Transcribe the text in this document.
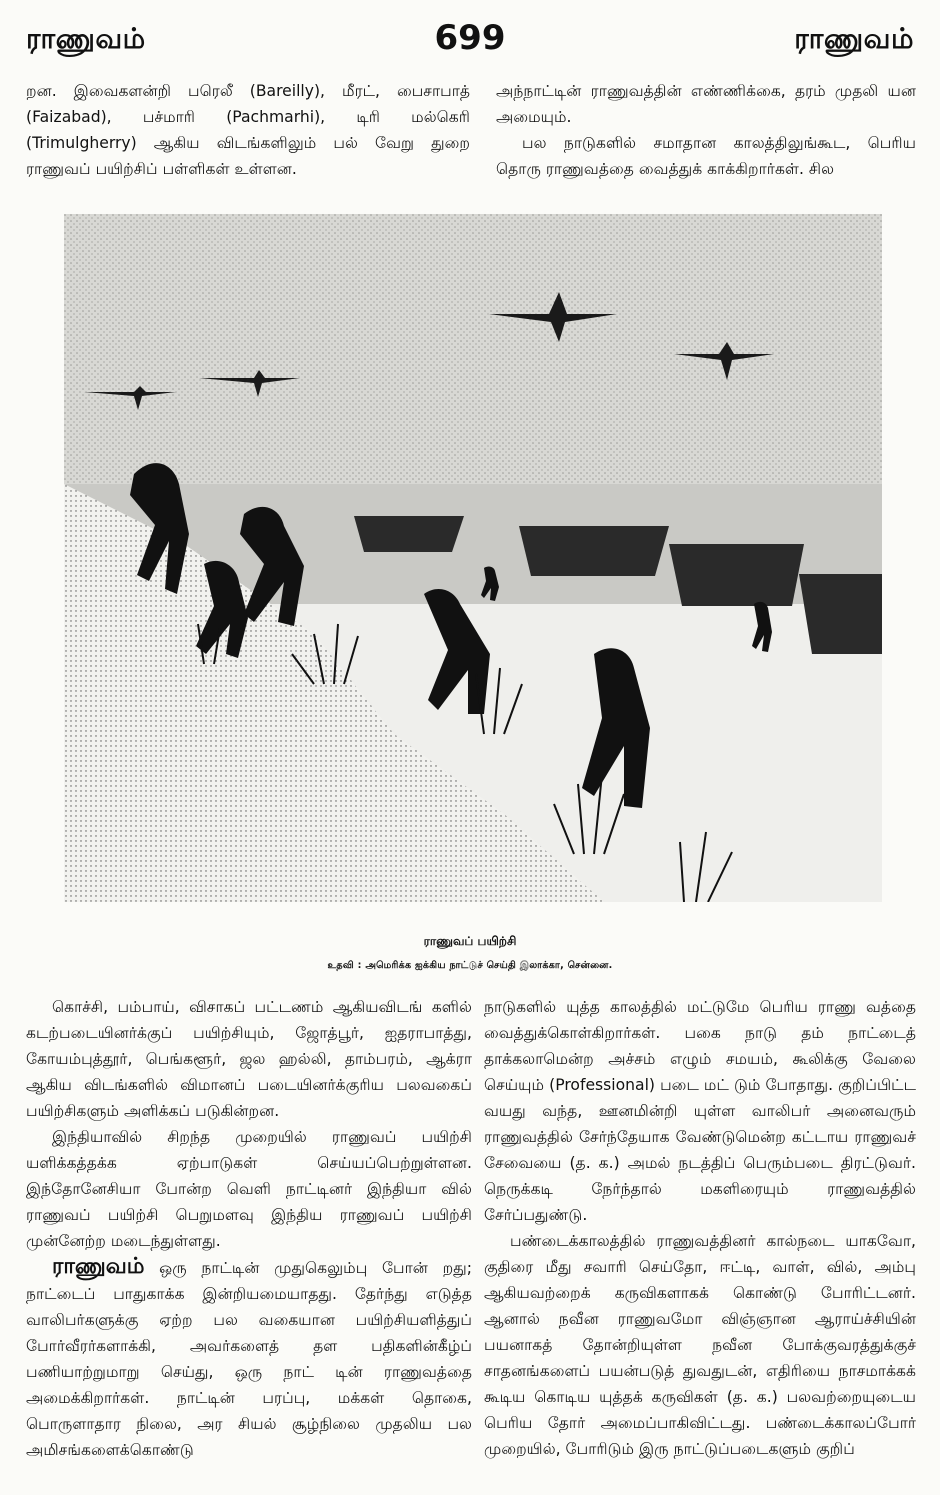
ராணுவம்	699	ராணுவம்

றன. இவைகளன்றி பரெலீ (Bareilly), மீரட், பைசாபாத் (Faizabad), பச்மாரி (Pachmarhi), டிரி மல்கெரி (Trimulgherry) ஆகிய விடங்களிலும் பல் வேறு துறை ராணுவப் பயிற்சிப் பள்ளிகள் உள்ளன.

அந்நாட்டின் ராணுவத்தின் எண்ணிக்கை, தரம் முதலி யன அமையும்.

பல நாடுகளில் சமாதான காலத்திலுங்கூட, பெரிய தொரு ராணுவத்தை வைத்துக் காக்கிறார்கள். சில

ராணுவப் பயிற்சி
உதவி : அமெரிக்க ஐக்கிய நாட்டுச் செய்தி இலாக்கா, சென்னை.

கொச்சி, பம்பாய், விசாகப் பட்டணம் ஆகியவிடங் களில் கடற்படையினர்க்குப் பயிற்சியும், ஜோத்பூர், ஐதராபாத்து, கோயம்புத்தூர், பெங்களூர், ஜல ஹல்லி, தாம்பரம், ஆக்ரா ஆகிய விடங்களில் விமானப் படையினர்க்குரிய பலவகைப் பயிற்சிகளும் அளிக்கப் படுகின்றன.

இந்தியாவில் சிறந்த முறையில் ராணுவப் பயிற்சி யளிக்கத்தக்க ஏற்பாடுகள் செய்யப்பெற்றுள்ளன. இந்தோனேசியா போன்ற வெளி நாட்டினர் இந்தியா வில் ராணுவப் பயிற்சி பெறுமளவு இந்திய ராணுவப் பயிற்சி முன்னேற்ற மடைந்துள்ளது.

ராணுவம் ஒரு நாட்டின் முதுகெலும்பு போன் றது; நாட்டைப் பாதுகாக்க இன்றியமையாதது. தேர்ந்து எடுத்த வாலிபர்களுக்கு ஏற்ற பல வகையான பயிற்சியளித்துப் போர்வீரர்களாக்கி, அவர்களைத் தள பதிகளின்கீழ்ப் பணியாற்றுமாறு செய்து, ஒரு நாட் டின் ராணுவத்தை அமைக்கிறார்கள். நாட்டின் பரப்பு, மக்கள் தொகை, பொருளாதார நிலை, அர சியல் சூழ்நிலை முதலிய பல அமிசங்களைக்கொண்டு

நாடுகளில் யுத்த காலத்தில் மட்டுமே பெரிய ராணு வத்தை வைத்துக்கொள்கிறார்கள். பகை நாடு தம் நாட்டைத் தாக்கலாமென்ற அச்சம் எழும் சமயம், கூலிக்கு வேலை செய்யும் (Professional) படை மட் டும் போதாது. குறிப்பிட்ட வயது வந்த, ஊனமின்றி யுள்ள வாலிபர் அனைவரும் ராணுவத்தில் சேர்ந்தேயாக வேண்டுமென்ற கட்டாய ராணுவச் சேவையை (த. க.) அமல் நடத்திப் பெரும்படை திரட்டுவர். நெருக்கடி நேர்ந்தால் மகளிரையும் ராணுவத்தில் சேர்ப்பதுண்டு.

பண்டைக்காலத்தில் ராணுவத்தினர் கால்நடை யாகவோ, குதிரை மீது சவாரி செய்தோ, ஈட்டி, வாள், வில், அம்பு ஆகியவற்றைக் கருவிகளாகக் கொண்டு போரிட்டனர். ஆனால் நவீன ராணுவமோ விஞ்ஞான ஆராய்ச்சியின் பயனாகத் தோன்றியுள்ள நவீன போக்குவரத்துக்குச் சாதனங்களைப் பயன்படுத் துவதுடன், எதிரியை நாசமாக்கக் கூடிய கொடிய யுத்தக் கருவிகள் (த. க.) பலவற்றையுடைய பெரிய தோர் அமைப்பாகிவிட்டது. பண்டைக்காலப்போர் முறையில், போரிடும் இரு நாட்டுப்படைகளும் குறிப்
